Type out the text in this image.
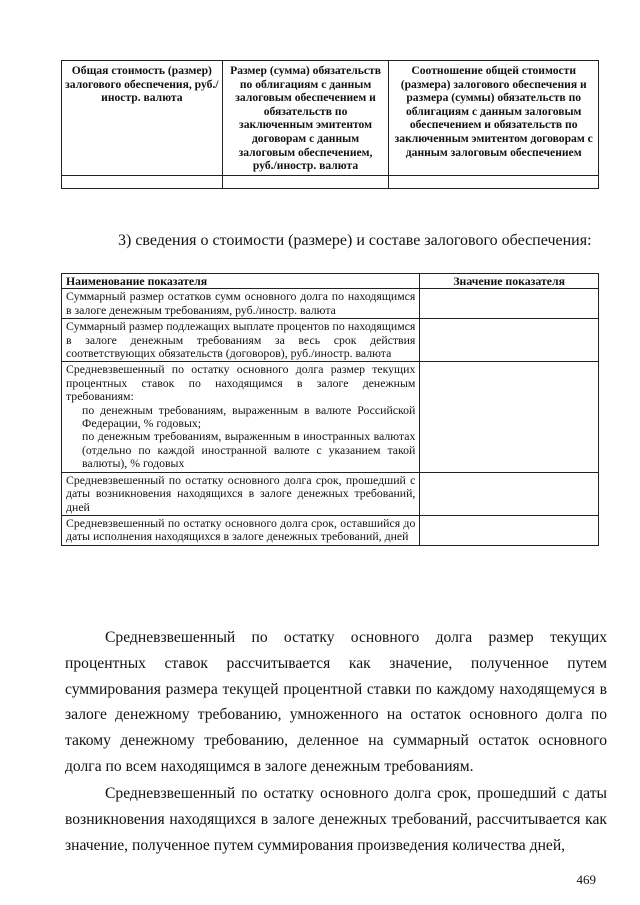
Общая стоимость (размер) залогового обеспечения, руб./иностр. валюта	Размер (сумма) обязательств по облигациям с данным залоговым обеспечением и обязательств по заключенным эмитентом договорам с данным залоговым обеспечением, руб./иностр. валюта	Соотношение общей стоимости (размера) залогового обеспечения и размера (суммы) обязательств по облигациям с данным залоговым обеспечением и обязательств по заключенным эмитентом договорам с данным залоговым обеспечением

3) сведения о стоимости (размере) и составе залогового обеспечения:

Наименование показателя	Значение показателя
Суммарный размер остатков сумм основного долга по находящимся в залоге денежным требованиям, руб./иностр. валюта	
Суммарный размер подлежащих выплате процентов по находящимся в залоге денежным требованиям за весь срок действия соответствующих обязательств (договоров), руб./иностр. валюта	

Средневзвешенный по остатку основного долга размер текущих процентных ставок по находящимся в залоге денежным требованиям:
по денежным требованиям, выраженным в валюте Российской Федерации, % годовых;
по денежным требованиям, выраженным в иностранных валютах (отдельно по каждой иностранной валюте с указанием такой валюты), % годовых	

Средневзвешенный по остатку основного долга срок, прошедший с даты возникновения находящихся в залоге денежных требований, дней	
Средневзвешенный по остатку основного долга срок, оставшийся до даты исполнения находящихся в залоге денежных требований, дней	

Средневзвешенный по остатку основного долга размер текущих процентных ставок рассчитывается как значение, полученное путем суммирования размера текущей процентной ставки по каждому находящемуся в залоге денежному требованию, умноженного на остаток основного долга по такому денежному требованию, деленное на суммарный остаток основного долга по всем находящимся в залоге денежным требованиям.

Средневзвешенный по остатку основного долга срок, прошедший с даты возникновения находящихся в залоге денежных требований, рассчитывается как значение, полученное путем суммирования произведения количества дней,

469
